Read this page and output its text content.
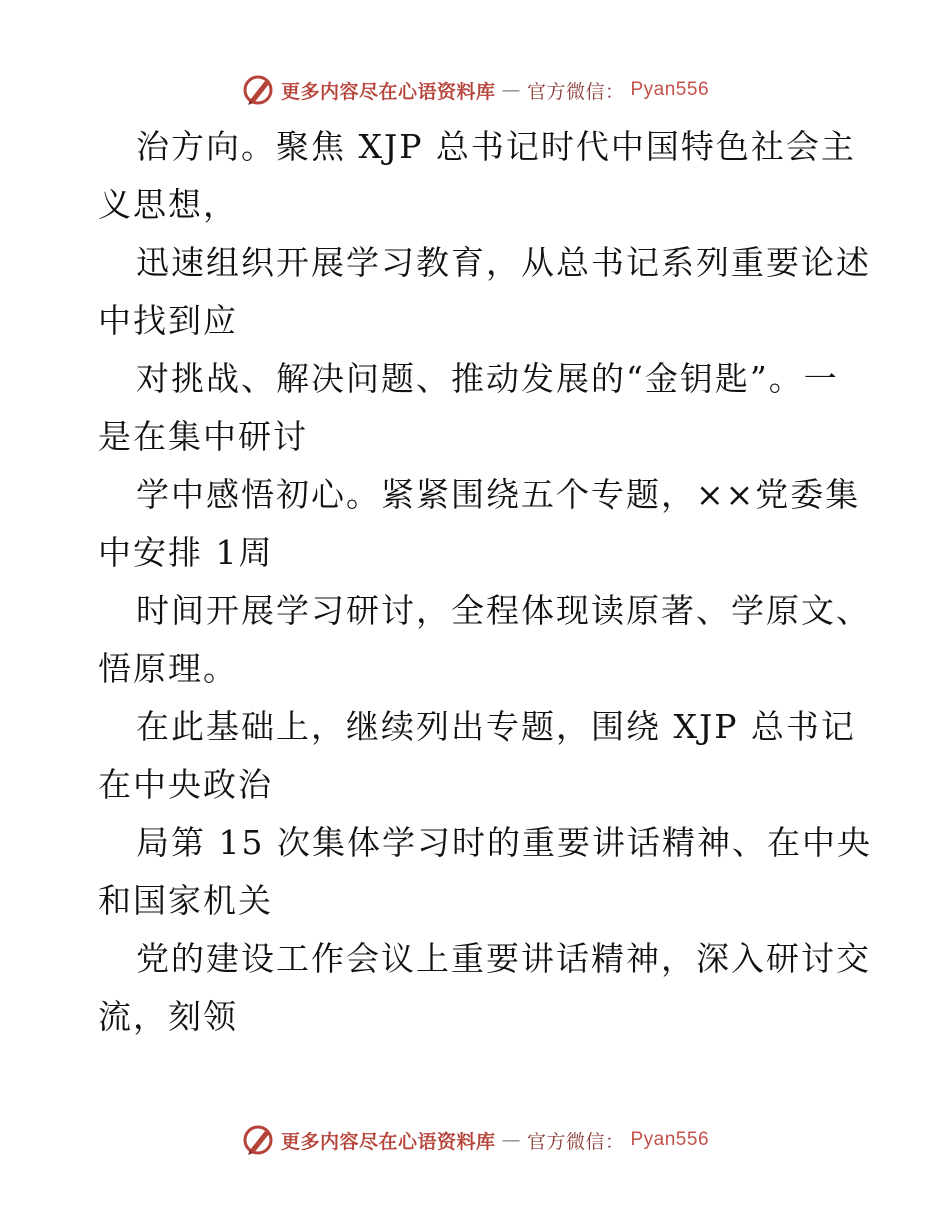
更多内容尽在心语资料库 — 官方微信： Pyan556

治方向。聚焦 XJP 总书记时代中国特色社会主
义思想，

迅速组织开展学习教育，从总书记系列重要论述
中找到应

对挑战、解决问题、推动发展的“金钥匙”。一
是在集中研讨

学中感悟初心。紧紧围绕五个专题，××党委集
中安排 1周

时间开展学习研讨，全程体现读原著、学原文、
悟原理。

在此基础上，继续列出专题，围绕 XJP 总书记
在中央政治

局第 15 次集体学习时的重要讲话精神、在中央
和国家机关

党的建设工作会议上重要讲话精神，深入研讨交
流，刻领

更多内容尽在心语资料库 — 官方微信： Pyan556
